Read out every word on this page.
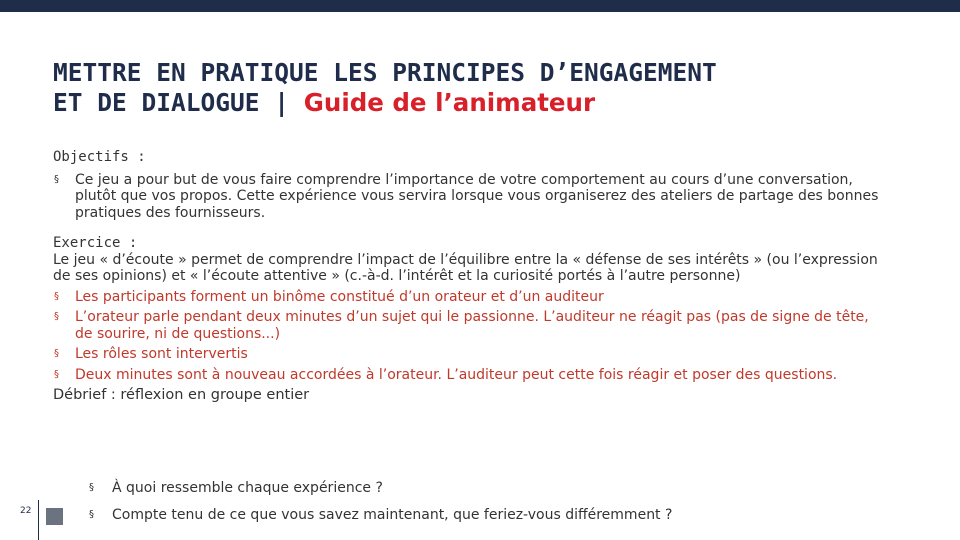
METTRE EN PRATIQUE LES PRINCIPES D’ENGAGEMENT
ET DE DIALOGUE | Guide de l’animateur

Objectifs :

§ Ce jeu a pour but de vous faire comprendre l’importance de votre comportement au cours d’une conversation, plutôt que vos propos. Cette expérience vous servira lorsque vous organiserez des ateliers de partage des bonnes pratiques des fournisseurs.

Exercice :

Le jeu « d’écoute » permet de comprendre l’impact de l’équilibre entre la « défense de ses intérêts » (ou l’expression de ses opinions) et « l’écoute attentive » (c.-à-d. l’intérêt et la curiosité portés à l’autre personne)

§ Les participants forment un binôme constitué d’un orateur et d’un auditeur
§ L’orateur parle pendant deux minutes d’un sujet qui le passionne. L’auditeur ne réagit pas (pas de signe de tête, de sourire, ni de questions...)
§ Les rôles sont intervertis
§ Deux minutes sont à nouveau accordées à l’orateur. L’auditeur peut cette fois réagir et poser des questions.

Débrief : réflexion en groupe entier

§ À quoi ressemble chaque expérience ?
§ Compte tenu de ce que vous savez maintenant, que feriez-vous différemment ?
22
